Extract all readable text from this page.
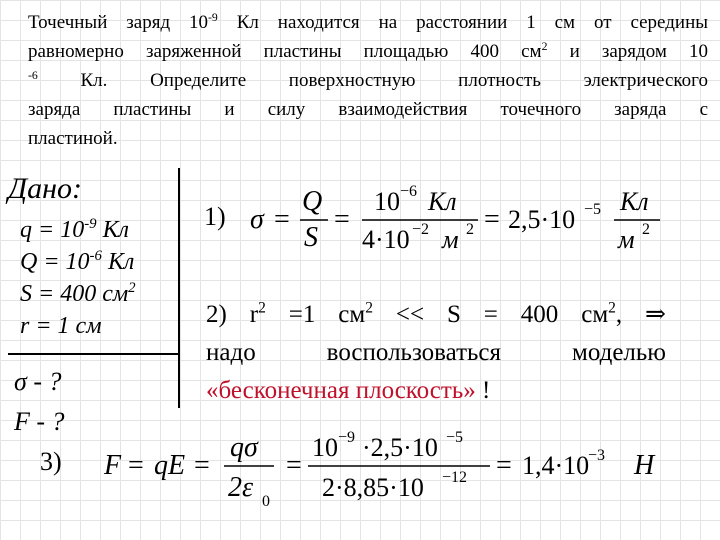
Точечный заряд $10^{-9}$ Кл находится на расстоянии 1 см от середины
равномерно заряженной пластины площадью 400 $см^2$ и зарядом 10
$^{-6}$ Кл. Определите поверхностную плотность электрического
заряда пластины и силу взаимодействия точечного заряда с
пластиной.
Дано:
$q = 10^{-9}$ Кл
$Q = 10^{-6}$ Кл
S = 400 $см^2$
r = 1 см
σ - ?
F - ?
1) σ =
Q
S
=
10 −6 Кл
4·10 −2 м 2 = 2,5·10 −5 Кл
м 2
2) $r^2 =1$ $см^2 << S = 400$ $см^2$, ⇒
надо воспользоваться моделью
«бесконечная плоскость» !
3) F = qE =
qσ
2ε 0
=
10 −9 ·2,5·10 −5
2·8,85·10 −12 = 1,4·10
−3 Н
